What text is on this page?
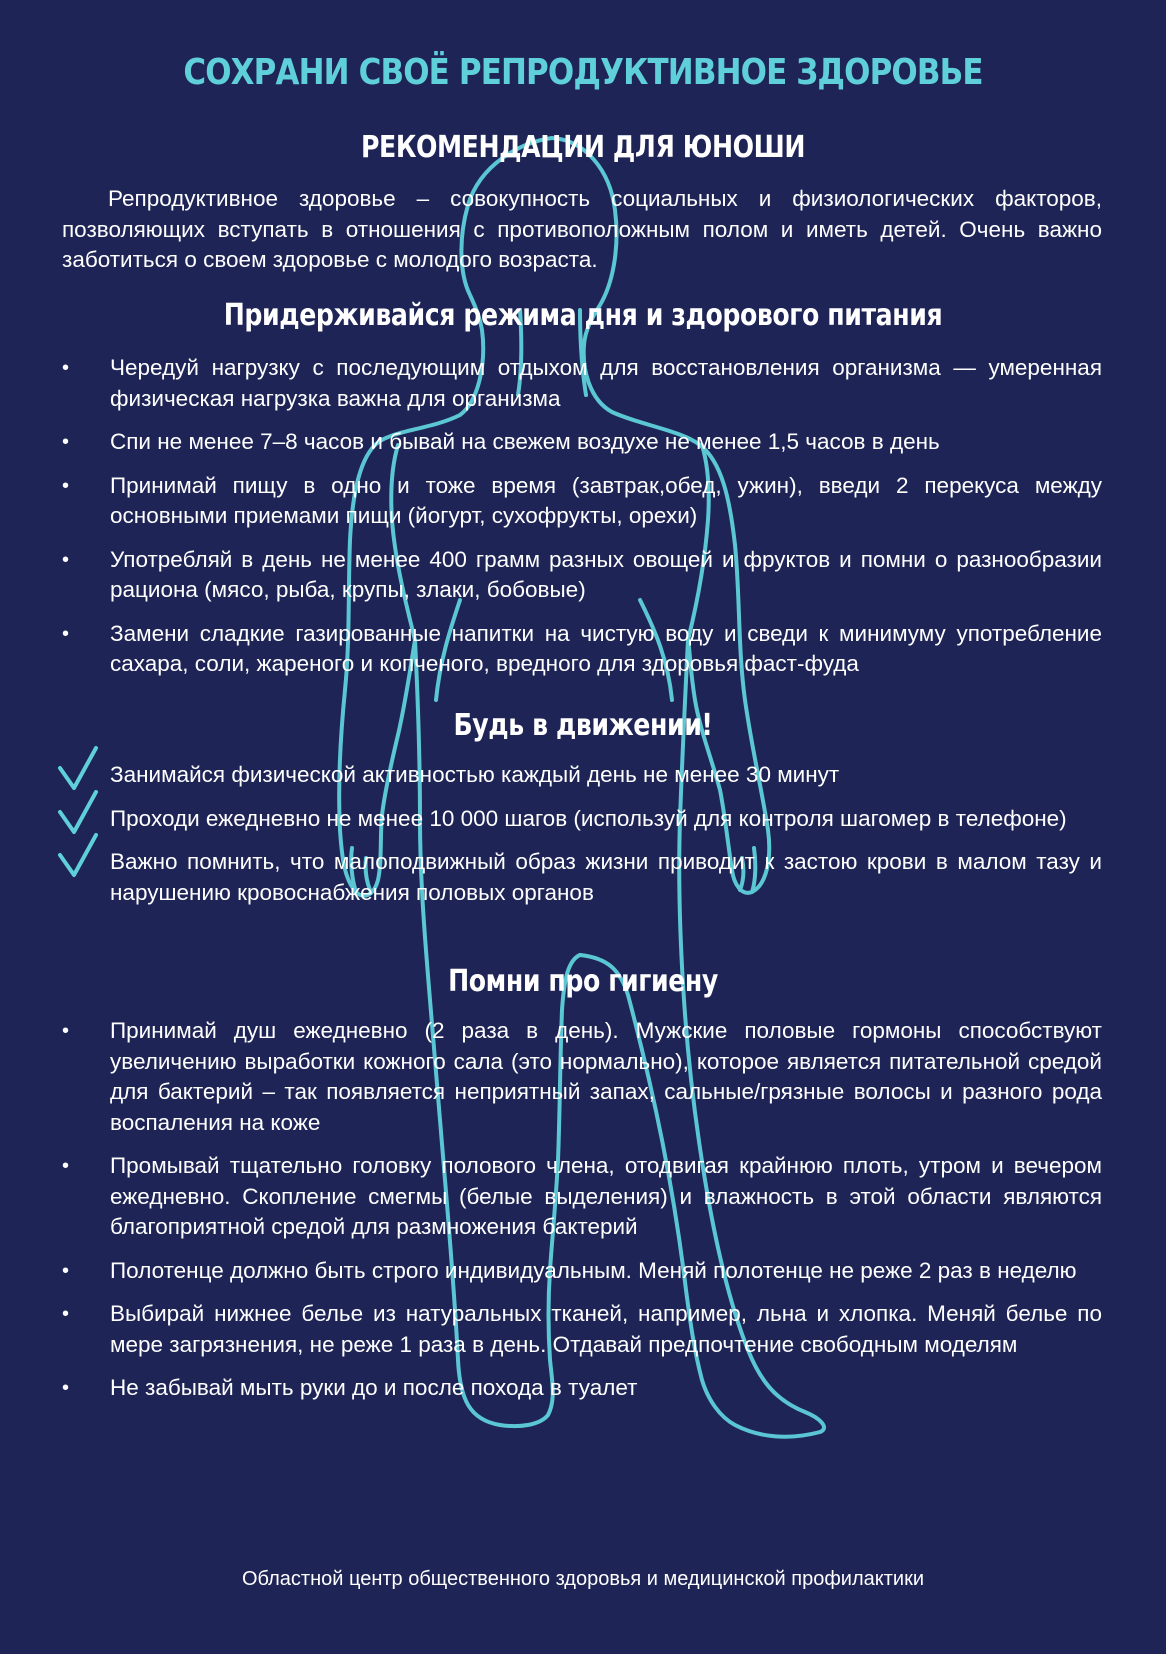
СОХРАНИ СВОЁ РЕПРОДУКТИВНОЕ ЗДОРОВЬЕ
РЕКОМЕНДАЦИИ ДЛЯ ЮНОШИ

Репродуктивное здоровье – совокупность социальных и физиологических факторов, позволяющих вступать в отношения с противоположным полом и иметь детей. Очень важно заботиться о своем здоровье с молодого возраста.

Придерживайся режима дня и здорового питания
•	Чередуй нагрузку с последующим отдыхом для восстановления организма — умеренная физическая нагрузка важна для организма
•	Спи не менее 7–8 часов и бывай на свежем воздухе не менее 1,5 часов в день
•	Принимай пищу в одно и тоже время (завтрак,обед, ужин), введи 2 перекуса между основными приемами пищи (йогурт, сухофрукты, орехи)
•	Употребляй в день не менее 400 грамм разных овощей и фруктов и помни о разнообразии рациона (мясо, рыба, крупы, злаки, бобовые)
•	Замени сладкие газированные напитки на чистую воду и сведи к минимуму употребление сахара, соли, жареного и копченого, вредного для здоровья фаст-фуда
Будь в движении!
Занимайся физической активностью каждый день не менее 30 минут
Проходи ежедневно не менее 10 000 шагов (используй для контроля шагомер в телефоне)
Важно помнить, что малоподвижный образ жизни приводит к застою крови в малом тазу и нарушению кровоснабжения половых органов
Помни про гигиену
•	Принимай душ ежедневно (2 раза в день). Мужские половые гормоны способствуют увеличению выработки кожного сала (это нормально), которое является питательной средой для бактерий – так появляется неприятный запах, сальные/грязные волосы и разного рода воспаления на коже
•	Промывай тщательно головку полового члена, отодвигая крайнюю плоть, утром и вечером ежедневно. Скопление смегмы (белые выделения) и влажность в этой области являются благоприятной средой для размножения бактерий
•	Полотенце должно быть строго индивидуальным. Меняй полотенце не реже 2 раз в неделю
•	Выбирай нижнее белье из натуральных тканей, например, льна и хлопка. Меняй белье по мере загрязнения, не реже 1 раза в день. Отдавай предпочтение свободным моделям
•	Не забывай мыть руки до и после похода в туалет

Областной центр общественного здоровья и медицинской профилактики
